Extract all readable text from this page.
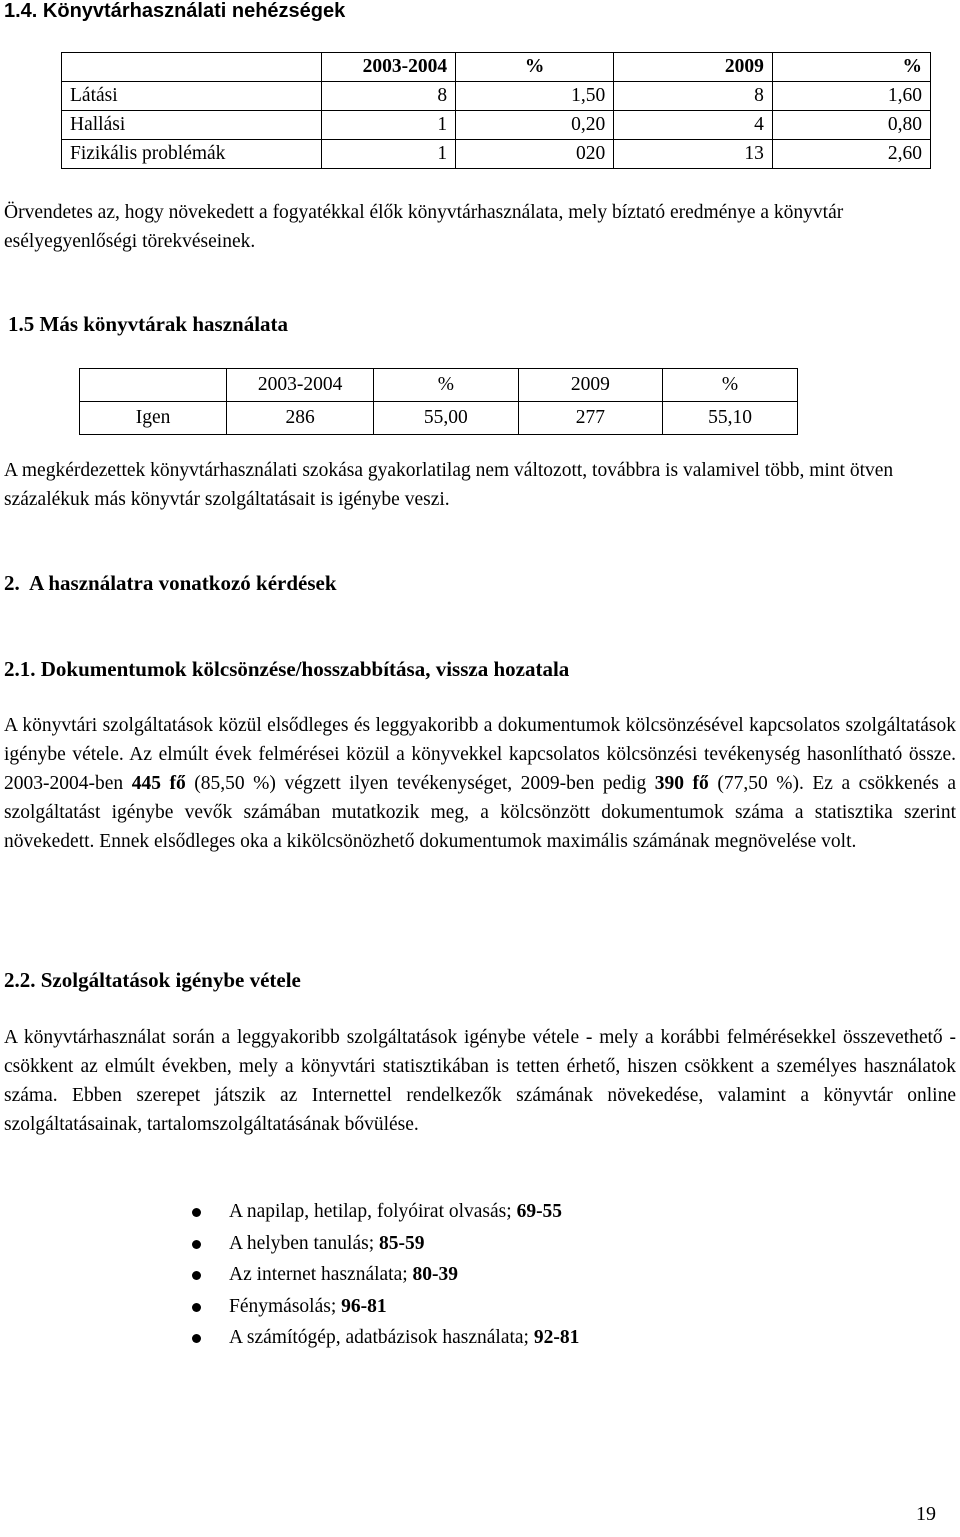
1.4. Könyvtárhasználati nehézségek
	2003-2004	%	2009	%
Látási	8	1,50	8	1,60
Hallási	1	0,20	4	0,80
Fizikális problémák	1	020	13	2,60

Örvendetes az, hogy növekedett a fogyatékkal élők könyvtárhasználata, mely bíztató eredménye a könyvtár esélyegyenlőségi törekvéseinek.

1.5 Más könyvtárak használata
	2003-2004	%	2009	%
Igen	286	55,00	277	55,10

A megkérdezettek könyvtárhasználati szokása gyakorlatilag nem változott, továbbra is valamivel több, mint ötven százalékuk más könyvtár szolgáltatásait is igénybe veszi.

2.  A használatra vonatkozó kérdések
2.1. Dokumentumok kölcsönzése/hosszabbítása, vissza hozatala

A könyvtári szolgáltatások közül elsődleges és leggyakoribb a dokumentumok kölcsönzésével kapcsolatos szolgáltatások igénybe vétele. Az elmúlt évek felmérései közül a könyvekkel kapcsolatos kölcsönzési tevékenység hasonlítható össze. 2003-2004-ben 445 fő (85,50 %) végzett ilyen tevékenységet, 2009-ben pedig 390 fő (77,50 %). Ez a csökkenés a szolgáltatást igénybe vevők számában mutatkozik meg, a kölcsönzött dokumentumok száma a statisztika szerint növekedett. Ennek elsődleges oka a kikölcsönözhető dokumentumok maximális számának megnövelése volt.

2.2. Szolgáltatások igénybe vétele

A könyvtárhasználat során a leggyakoribb szolgáltatások igénybe vétele - mely a korábbi felmérésekkel összevethető - csökkent az elmúlt években, mely a könyvtári statisztikában is tetten érhető, hiszen csökkent a személyes használatok száma. Ebben szerepet játszik az Internettel rendelkezők számának növekedése, valamint a könyvtár online szolgáltatásainak, tartalomszolgáltatásának bővülése.

A napilap, hetilap, folyóirat olvasás; 69-55
A helyben tanulás; 85-59
Az internet használata; 80-39
Fénymásolás; 96-81
A számítógép, adatbázisok használata; 92-81
19
